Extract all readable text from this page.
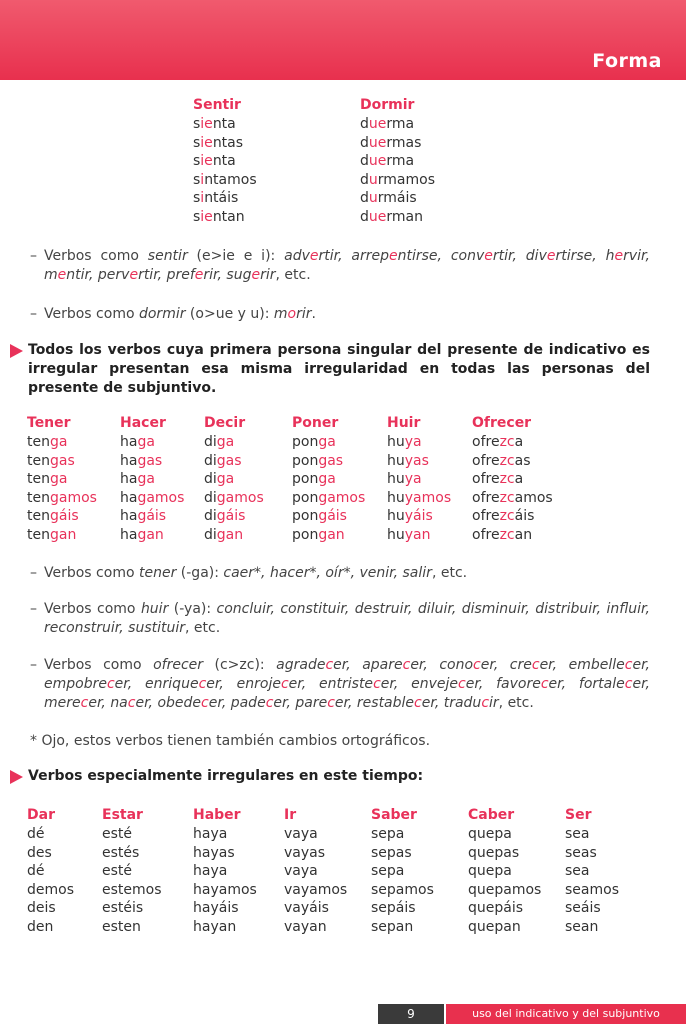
Forma
Sentir
sienta
sientas
sienta
sintamos
sintáis
sientan
Dormir
duerma
duermas
duerma
durmamos
durmáis
duerman
– Verbos como sentir (e>ie e i): advertir, arrepentirse, convertir, divertirse, hervir, mentir, pervertir, preferir, sugerir, etc.
– Verbos como dormir (o>ue y u): morir.
Todos los verbos cuya primera persona singular del presente de indicativo es irregular presentan esa misma irregularidad en todas las personas del presente de subjuntivo.
Tener
tenga
tengas
tenga
tengamos
tengáis
tengan
Hacer
haga
hagas
haga
hagamos
hagáis
hagan
Decir
diga
digas
diga
digamos
digáis
digan
Poner
ponga
pongas
ponga
pongamos
pongáis
pongan
Huir
huya
huyas
huya
huyamos
huyáis
huyan
Ofrecer
ofrezca
ofrezcas
ofrezca
ofrezcamos
ofrezcáis
ofrezcan
– Verbos como tener (-ga): caer*, hacer*, oír*, venir, salir, etc.
– Verbos como huir (-ya): concluir, constituir, destruir, diluir, disminuir, distribuir, influir, reconstruir, sustituir, etc.
– Verbos como ofrecer (c>zc): agradecer, aparecer, conocer, crecer, embellecer, empobrecer, enriquecer, enrojecer, entristecer, envejecer, favorecer, fortalecer, merecer, nacer, obedecer, padecer, parecer, restablecer, traducir, etc.
* Ojo, estos verbos tienen también cambios ortográficos.
Verbos especialmente irregulares en este tiempo:
Dar
dé
des
dé
demos
deis
den
Estar
esté
estés
esté
estemos
estéis
esten
Haber
haya
hayas
haya
hayamos
hayáis
hayan
Ir
vaya
vayas
vaya
vayamos
vayáis
vayan
Saber
sepa
sepas
sepa
sepamos
sepáis
sepan
Caber
quepa
quepas
quepa
quepamos
quepáis
quepan
Ser
sea
seas
sea
seamos
seáis
sean
9	uso del indicativo y del subjuntivo
